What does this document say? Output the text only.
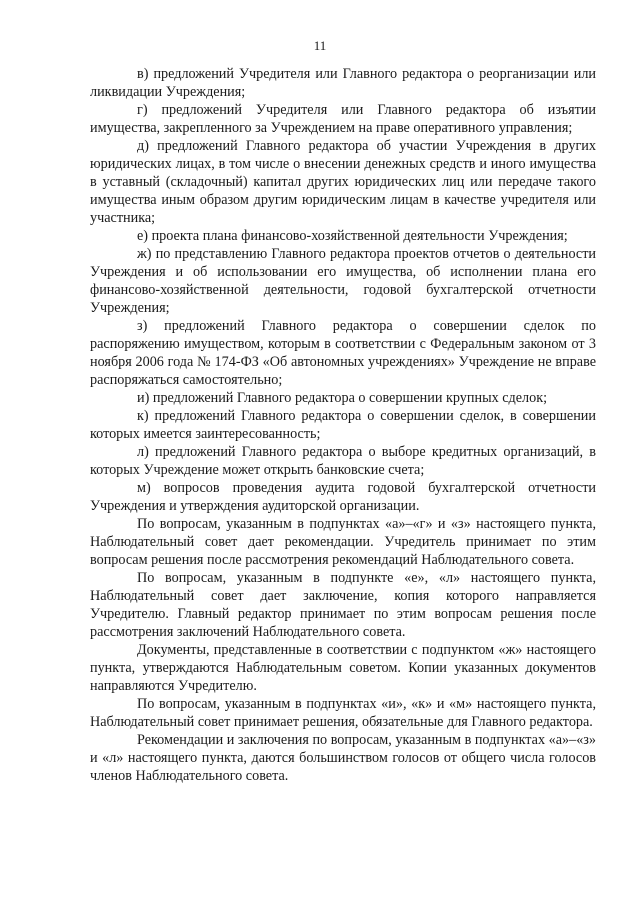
11

в) предложений Учредителя или Главного редактора о реорганизации или ликвидации Учреждения;

г) предложений Учредителя или Главного редактора об изъятии имущества, закрепленного за Учреждением на праве оперативного управления;

д) предложений Главного редактора об участии Учреждения в других юридических лицах, в том числе о внесении денежных средств и иного имущества в уставный (складочный) капитал других юридических лиц или передаче такого имущества иным образом другим юридическим лицам в качестве учредителя или участника;

е) проекта плана финансово-хозяйственной деятельности Учреждения;

ж) по представлению Главного редактора проектов отчетов о деятельности Учреждения и об использовании его имущества, об исполнении плана его финансово-хозяйственной деятельности, годовой бухгалтерской отчетности Учреждения;

з) предложений Главного редактора о совершении сделок по распоряжению имуществом, которым в соответствии с Федеральным законом от 3 ноября 2006 года № 174-ФЗ «Об автономных учреждениях» Учреждение не вправе распоряжаться самостоятельно;

и) предложений Главного редактора о совершении крупных сделок;

к) предложений Главного редактора о совершении сделок, в совершении которых имеется заинтересованность;

л) предложений Главного редактора о выборе кредитных организаций, в которых Учреждение может открыть банковские счета;

м) вопросов проведения аудита годовой бухгалтерской отчетности Учреждения и утверждения аудиторской организации.

По вопросам, указанным в подпунктах «а»–«г» и «з» настоящего пункта, Наблюдательный совет дает рекомендации. Учредитель принимает по этим вопросам решения после рассмотрения рекомендаций Наблюдательного совета.

По вопросам, указанным в подпункте «е», «л» настоящего пункта, Наблюдательный совет дает заключение, копия которого направляется Учредителю. Главный редактор принимает по этим вопросам решения после рассмотрения заключений Наблюдательного совета.

Документы, представленные в соответствии с подпунктом «ж» настоящего пункта, утверждаются Наблюдательным советом. Копии указанных документов направляются Учредителю.

По вопросам, указанным в подпунктах «и», «к» и «м» настоящего пункта, Наблюдательный совет принимает решения, обязательные для Главного редактора.

Рекомендации и заключения по вопросам, указанным в подпунктах «а»–«з» и «л» настоящего пункта, даются большинством голосов от общего числа голосов членов Наблюдательного совета.
